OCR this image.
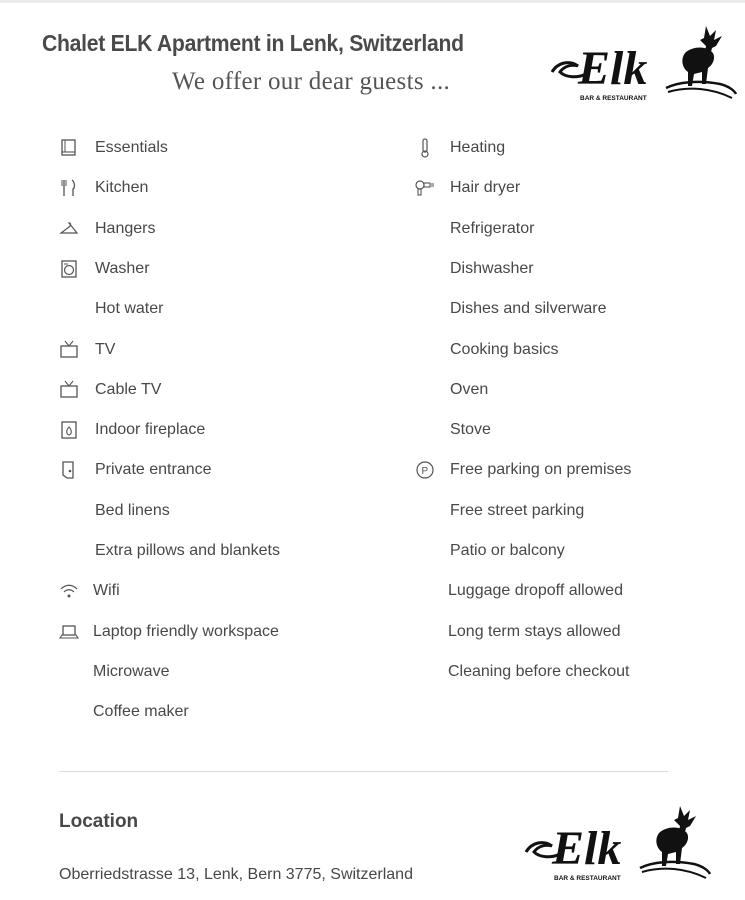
Chalet ELK Apartment in Lenk, Switzerland
We offer our dear guests ...	Elk
BAR & RESTAURANT
Essentials
Kitchen
Hangers
Washer
Hot water
TV
Cable TV
Indoor fireplace
Private entrance
Bed linens
Extra pillows and blankets
Wifi
Laptop friendly workspace
Microwave
Coffee maker
Heating
Hair dryer
Refrigerator
Dishwasher
Dishes and silverware
Cooking basics
Oven
Stove
P Free parking on premises
Free street parking
Patio or balcony
Luggage dropoff allowed
Long term stays allowed
Cleaning before checkout
Location
Oberriedstrasse 13, Lenk, Bern 3775, Switzerland	Elk
BAR & RESTAURANT
